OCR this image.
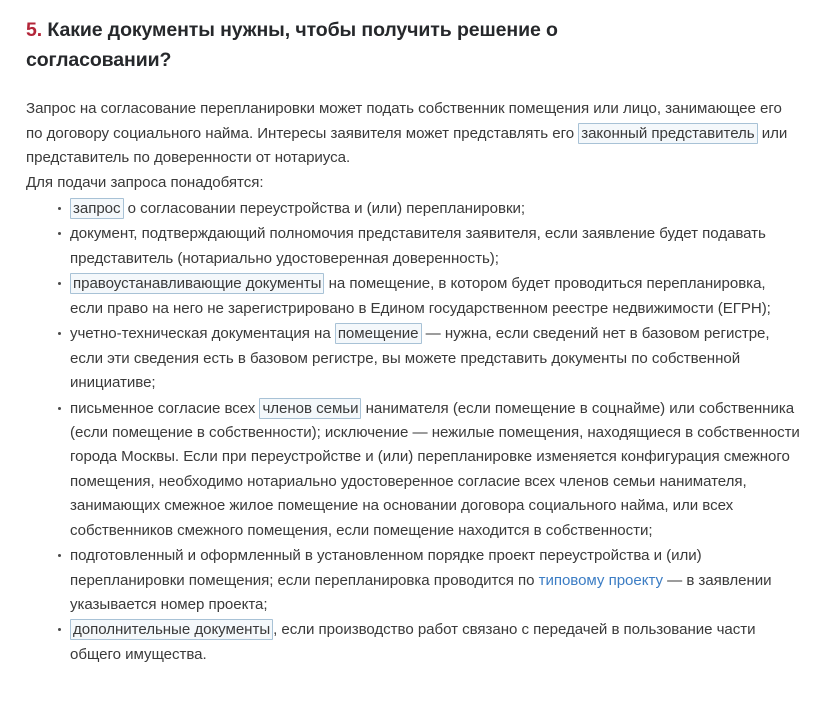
5. Какие документы нужны, чтобы получить решение о согласовании?

Запрос на согласование перепланировки может подать собственник помещения или лицо, занимающее его по договору социального найма. Интересы заявителя может представлять его законный представитель или представитель по доверенности от нотариуса.

Для подачи запроса понадобятся:

запрос о согласовании переустройства и (или) перепланировки;
документ, подтверждающий полномочия представителя заявителя, если заявление будет подавать представитель (нотариально удостоверенная доверенность);
правоустанавливающие документы на помещение, в котором будет проводиться перепланировка, если право на него не зарегистрировано в Едином государственном реестре недвижимости (ЕГРН);
учетно-техническая документация на помещение — нужна, если сведений нет в базовом регистре, если эти сведения есть в базовом регистре, вы можете представить документы по собственной инициативе;
письменное согласие всех членов семьи нанимателя (если помещение в соцнайме) или собственника (если помещение в собственности); исключение — нежилые помещения, находящиеся в собственности города Москвы. Если при переустройстве и (или) перепланировке изменяется конфигурация смежного помещения, необходимо нотариально удостоверенное согласие всех членов семьи нанимателя, занимающих смежное жилое помещение на основании договора социального найма, или всех собственников смежного помещения, если помещение находится в собственности;
подготовленный и оформленный в установленном порядке проект переустройства и (или) перепланировки помещения; если перепланировка проводится по типовому проекту — в заявлении указывается номер проекта;
дополнительные документы , если производство работ связано с передачей в пользование части общего имущества.
